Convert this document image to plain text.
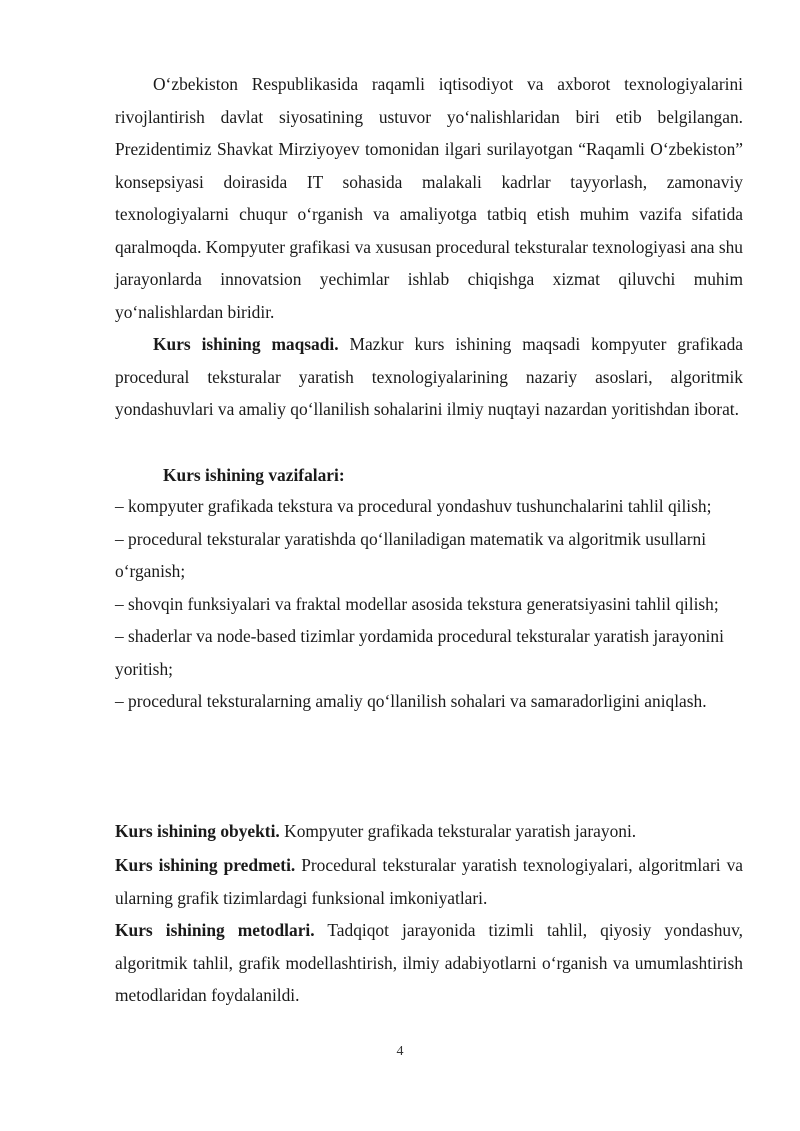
O‘zbekiston Respublikasida raqamli iqtisodiyot va axborot texnologiyalarini rivojlantirish davlat siyosatining ustuvor yo‘nalishlaridan biri etib belgilangan. Prezidentimiz Shavkat Mirziyoyev tomonidan ilgari surilayotgan “Raqamli O‘zbekiston” konsepsiyasi doirasida IT sohasida malakali kadrlar tayyorlash, zamonaviy texnologiyalarni chuqur o‘rganish va amaliyotga tatbiq etish muhim vazifa sifatida qaralmoqda. Kompyuter grafikasi va xususan procedural teksturalar texnologiyasi ana shu jarayonlarda innovatsion yechimlar ishlab chiqishga xizmat qiluvchi muhim yo‘nalishlardan biridir.
Kurs ishining maqsadi. Mazkur kurs ishining maqsadi kompyuter grafikada procedural teksturalar yaratish texnologiyalarining nazariy asoslari, algoritmik yondashuvlari va amaliy qo‘llanilish sohalarini ilmiy nuqtayi nazardan yoritishdan iborat.
Kurs ishining vazifalari:
– kompyuter grafikada tekstura va procedural yondashuv tushunchalarini tahlil qilish;
– procedural teksturalar yaratishda qo‘llaniladigan matematik va algoritmik usullarni o‘rganish;
– shovqin funksiyalari va fraktal modellar asosida tekstura generatsiyasini tahlil qilish;
– shaderlar va node-based tizimlar yordamida procedural teksturalar yaratish jarayonini yoritish;
– procedural teksturalarning amaliy qo‘llanilish sohalari va samaradorligini aniqlash.
Kurs ishining obyekti. Kompyuter grafikada teksturalar yaratish jarayoni.
Kurs ishining predmeti. Procedural teksturalar yaratish texnologiyalari, algoritmlari va ularning grafik tizimlardagi funksional imkoniyatlari.
Kurs ishining metodlari. Tadqiqot jarayonida tizimli tahlil, qiyosiy yondashuv, algoritmik tahlil, grafik modellashtirish, ilmiy adabiyotlarni o‘rganish va umumlashtirish metodlaridan foydalanildi.
4
